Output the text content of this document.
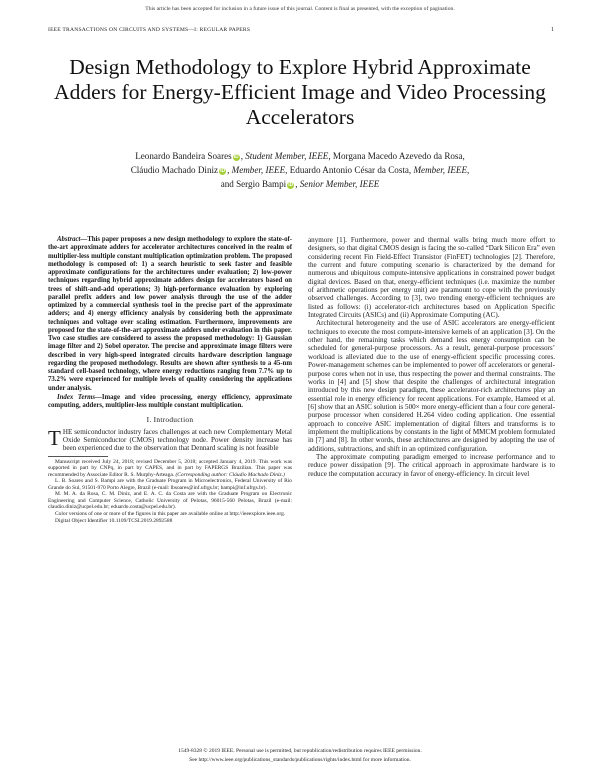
This article has been accepted for inclusion in a future issue of this journal. Content is final as presented, with the exception of pagination.
IEEE TRANSACTIONS ON CIRCUITS AND SYSTEMS—I: REGULAR PAPERS	1
Design Methodology to Explore Hybrid Approximate Adders for Energy-Efficient Image and Video Processing Accelerators
Leonardo Bandeira Soares iD , Student Member, IEEE, Morgana Macedo Azevedo da Rosa,
Cláudio Machado Diniz iD , Member, IEEE, Eduardo Antonio César da Costa, Member, IEEE,
and Sergio Bampi iD , Senior Member, IEEE

Abstract—This paper proposes a new design methodology to explore the state-of-the-art approximate adders for accelerator architectures conceived in the realm of multiplier-less multiple constant multiplication optimization problem. The proposed methodology is composed of: 1) a search heuristic to seek faster and feasible approximate configurations for the architectures under evaluation; 2) low-power techniques regarding hybrid approximate adders design for accelerators based on trees of shift-and-add operations; 3) high-performance evaluation by exploring parallel prefix adders and low power analysis through the use of the adder optimized by a commercial synthesis tool in the precise part of the approximate adders; and 4) energy efficiency analysis by considering both the approximate techniques and voltage over scaling estimation. Furthermore, improvements are proposed for the state-of-the-art approximate adders under evaluation in this paper. Two case studies are considered to assess the proposed methodology: 1) Gaussian image filter and 2) Sobel operator. The precise and approximate image filters were described in very high-speed integrated circuits hardware description language regarding the proposed methodology. Results are shown after synthesis to a 45-nm standard cell-based technology, where energy reductions ranging from 7.7% up to 73.2% were experienced for multiple levels of quality considering the applications under analysis.

Index Terms—Image and video processing, energy efficiency, approximate computing, adders, multiplier-less multiple constant multiplication.

I. Introduction

THE semiconductor industry faces challenges at each new Complementary Metal Oxide Semiconductor (CMOS) technology node. Power density increase has been experienced due to the observation that Dennard scaling is not feasible

Manuscript received July 24, 2018; revised December 5, 2018; accepted January 4, 2019. This work was supported in part by CNPq, in part by CAPES, and in part by FAPERGS Brazilian. This paper was recommended by Associate Editor R. S. Murphy-Arteaga. (Corresponding author: Cláudio Machado Diniz.)

L. B. Soares and S. Bampi are with the Graduate Program in Microelectronics, Federal University of Rio Grande do Sul, 91501-970 Porto Alegre, Brazil (e-mail: lbsoares@inf.ufrgs.br; bampi@inf.ufrgs.br).

M. M. A. da Rosa, C. M. Diniz, and E. A. C. da Costa are with the Graduate Program on Electronic Engineering and Computer Science, Catholic University of Pelotas, 96015-560 Pelotas, Brazil (e-mail: claudio.diniz@ucpel.edu.br; eduardo.costa@ucpel.edu.br).

Color versions of one or more of the figures in this paper are available online at http://ieeexplore.ieee.org.

Digital Object Identifier 10.1109/TCSI.2019.2892588

anymore [1]. Furthermore, power and thermal walls bring much more effort to designers, so that digital CMOS design is facing the so-called “Dark Silicon Era” even considering recent Fin Field-Effect Transistor (FinFET) technologies [2]. Therefore, the current and future computing scenario is characterized by the demand for numerous and ubiquitous compute-intensive applications in constrained power budget digital devices. Based on that, energy-efficient techniques (i.e. maximize the number of arithmetic operations per energy unit) are paramount to cope with the previously observed challenges. According to [3], two trending energy-efficient techniques are listed as follows: (i) accelerator-rich architectures based on Application Specific Integrated Circuits (ASICs) and (ii) Approximate Computing (AC).

Architectural heterogeneity and the use of ASIC accelerators are energy-efficient techniques to execute the most compute-intensive kernels of an application [3]. On the other hand, the remaining tasks which demand less energy consumption can be scheduled for general-purpose processors. As a result, general-purpose processors’ workload is alleviated due to the use of energy-efficient specific processing cores. Power-management schemes can be implemented to power off accelerators or general-purpose cores when not in use, thus respecting the power and thermal constraints. The works in [4] and [5] show that despite the challenges of architectural integration introduced by this new design paradigm, these accelerator-rich architectures play an essential role in energy efficiency for recent applications. For example, Hameed et al. [6] show that an ASIC solution is 500× more energy-efficient than a four core general-purpose processor when considered H.264 video coding application. One essential approach to conceive ASIC implementation of digital filters and transforms is to implement the multiplications by constants in the light of MMCM problem formulated in [7] and [8]. In other words, these architectures are designed by adopting the use of additions, subtractions, and shift in an optimized configuration.

The approximate computing paradigm emerged to increase performance and to reduce power dissipation [9]. The critical approach in approximate hardware is to reduce the computation accuracy in favor of energy-efficiency. In circuit level

1549-8328 © 2019 IEEE. Personal use is permitted, but republication/redistribution requires IEEE permission.
See http://www.ieee.org/publications_standards/publications/rights/index.html for more information.
